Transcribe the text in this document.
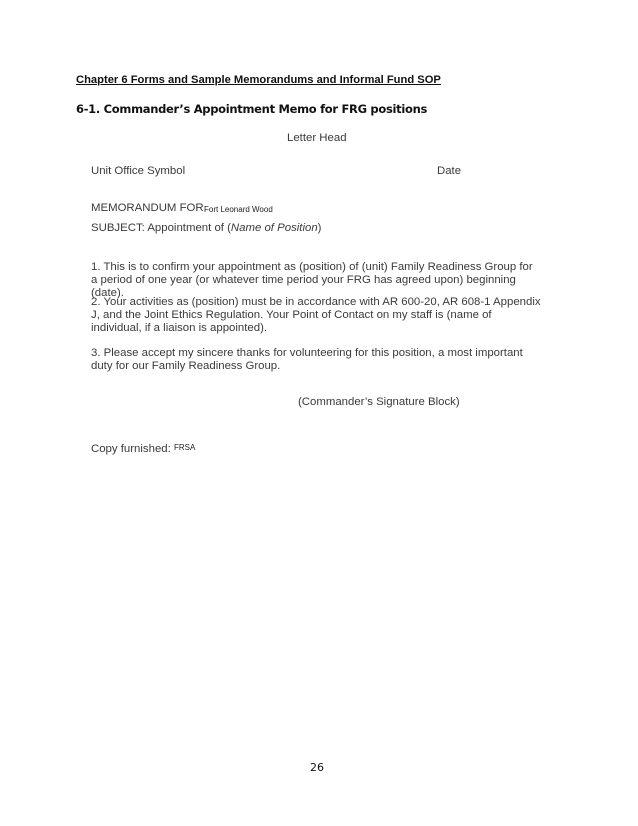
Chapter 6 Forms and Sample Memorandums and Informal Fund SOP
6-1. Commander’s Appointment Memo for FRG positions
Letter Head
Unit Office Symbol	Date
MEMORANDUM FOR Fort Leonard Wood
SUBJECT: Appointment of (Name of Position)
1. This is to confirm your appointment as (position) of (unit) Family Readiness Group for a period of one year (or whatever time period your FRG has agreed upon) beginning (date).
2. Your activities as (position) must be in accordance with AR 600-20, AR 608-1 Appendix J, and the Joint Ethics Regulation. Your Point of Contact on my staff is (name of individual, if a liaison is appointed).
3. Please accept my sincere thanks for volunteering for this position, a most important duty for our Family Readiness Group.
(Commander’s Signature Block)
Copy furnished: FRSA
26
